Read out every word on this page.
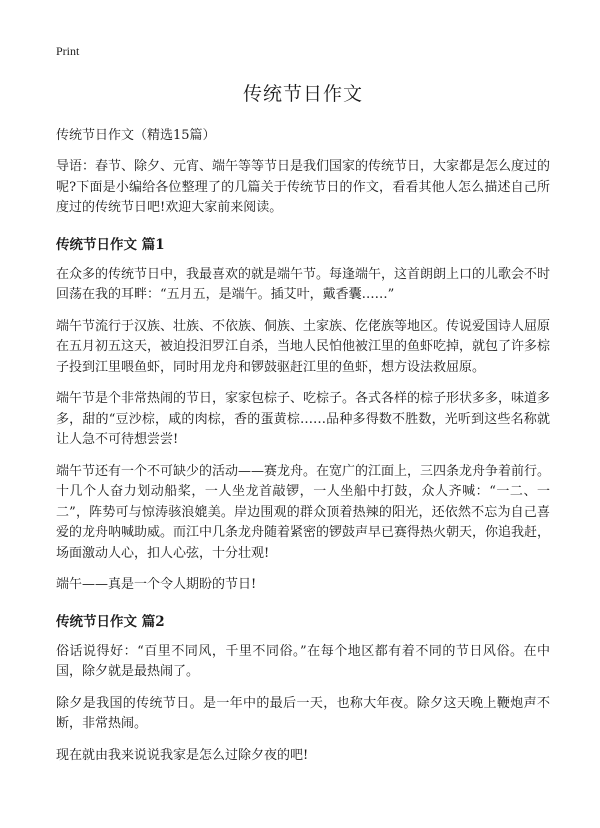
Print
传统节日作文
传统节日作文（精选15篇）

导语：春节、除夕、元宵、端午等等节日是我们国家的传统节日，大家都是怎么度过的呢?下面是小编给各位整理了的几篇关于传统节日的作文，看看其他人怎么描述自己所度过的传统节日吧!欢迎大家前来阅读。

传统节日作文 篇1

在众多的传统节日中，我最喜欢的就是端午节。每逢端午，这首朗朗上口的儿歌会不时回荡在我的耳畔：“五月五，是端午。插艾叶，戴香囊……”

端午节流行于汉族、壮族、不依族、侗族、土家族、仡佬族等地区。传说爱国诗人屈原在五月初五这天，被迫投汨罗江自杀，当地人民怕他被江里的鱼虾吃掉，就包了许多棕子投到江里喂鱼虾，同时用龙舟和锣鼓驱赶江里的鱼虾，想方设法救屈原。

端午节是个非常热闹的节日，家家包棕子、吃棕子。各式各样的棕子形状多多，味道多多，甜的“豆沙棕，咸的肉棕，香的蛋黄棕……品种多得数不胜数，光听到这些名称就让人急不可待想尝尝!

端午节还有一个不可缺少的活动——赛龙舟。在宽广的江面上，三四条龙舟争着前行。十几个人奋力划动船桨，一人坐龙首敲锣，一人坐船中打鼓，众人齐喊：“一二、一二”，阵势可与惊涛骇浪媲美。岸边围观的群众顶着热辣的阳光，还依然不忘为自己喜爱的龙舟呐喊助威。而江中几条龙舟随着紧密的锣鼓声早已赛得热火朝天，你追我赶，场面激动人心，扣人心弦，十分壮观!

端午——真是一个令人期盼的节日!

传统节日作文 篇2

俗话说得好：“百里不同风，千里不同俗。”在每个地区都有着不同的节日风俗。在中国，除夕就是最热闹了。

除夕是我国的传统节日。是一年中的最后一天，也称大年夜。除夕这天晚上鞭炮声不断，非常热闹。

现在就由我来说说我家是怎么过除夕夜的吧!
